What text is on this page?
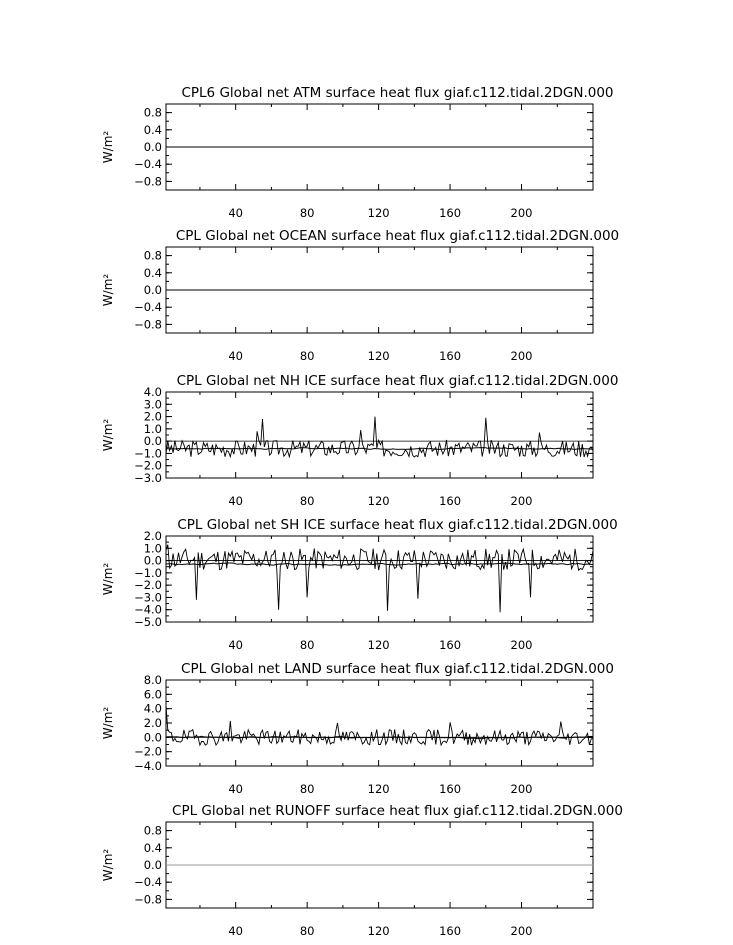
CPL6 Global net ATM surface heat flux giaf.c112.tidal.2DGN.000
0.8
0.4
0.0
−0.4
−0.8
40	80	120	160	200
W/m²
CPL Global net OCEAN surface heat flux giaf.c112.tidal.2DGN.000
0.8
0.4
0.0
−0.4
−0.8
40	80	120	160	200
W/m²
CPL Global net NH ICE surface heat flux giaf.c112.tidal.2DGN.000
4.0
3.0
2.0
1.0
0.0
−1.0
−2.0
−3.0
40	80	120	160	200
W/m²
CPL Global net SH ICE surface heat flux giaf.c112.tidal.2DGN.000
2.0
1.0
0.0
−1.0
−2.0
−3.0
−4.0
−5.0
40	80	120	160	200
W/m²
CPL Global net LAND surface heat flux giaf.c112.tidal.2DGN.000
8.0
6.0
4.0
2.0
0.0
−2.0
−4.0
40	80	120	160	200
W/m²
CPL Global net RUNOFF surface heat flux giaf.c112.tidal.2DGN.000
0.8
0.4
0.0
−0.4
−0.8
40	80	120	160	200
W/m²
